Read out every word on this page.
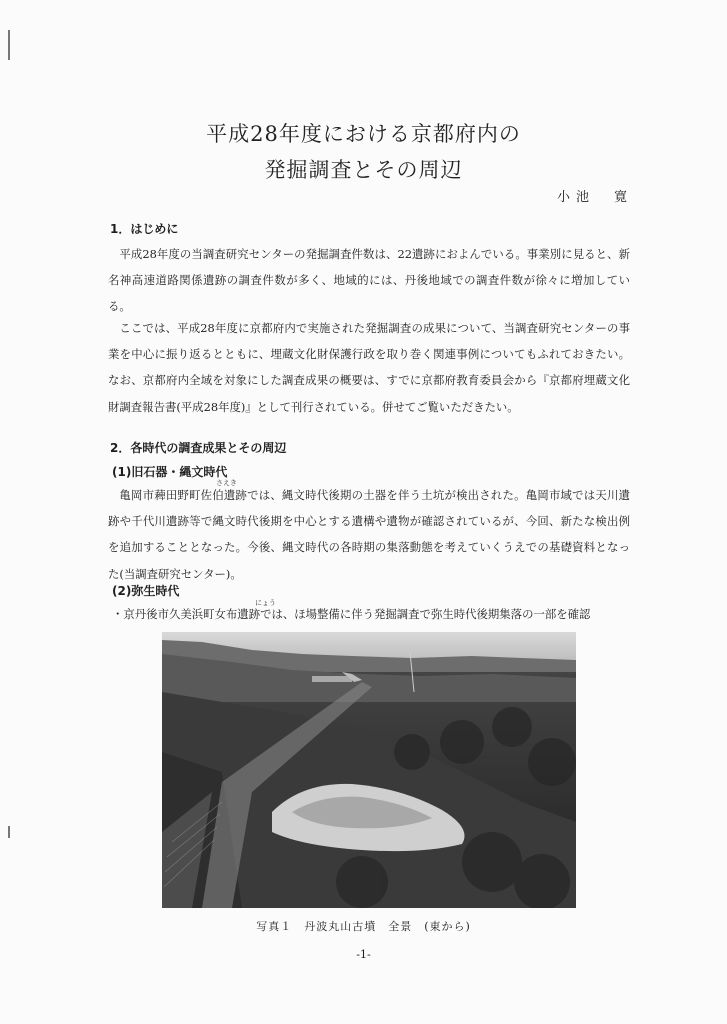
平成28年度における京都府内の
発掘調査とその周辺
小池　寛
1．はじめに

平成28年度の当調査研究センターの発掘調査件数は、22遺跡におよんでいる。事業別に見ると、新名神高速道路関係遺跡の調査件数が多く、地域的には、丹後地域での調査件数が徐々に増加している。

ここでは、平成28年度に京都府内で実施された発掘調査の成果について、当調査研究センターの事業を中心に振り返るとともに、埋蔵文化財保護行政を取り巻く関連事例についてもふれておきたい。なお、京都府内全域を対象にした調査成果の概要は、すでに京都府教育委員会から『京都府埋蔵文化財調査報告書(平成28年度)』として刊行されている。併せてご覧いただきたい。

2．各時代の調査成果とその周辺
(1)旧石器・縄文時代
さえき

亀岡市薭田野町佐伯遺跡では、縄文時代後期の土器を伴う土坑が検出された。亀岡市域では天川遺跡や千代川遺跡等で縄文時代後期を中心とする遺構や遺物が確認されているが、今回、新たな検出例を追加することとなった。今後、縄文時代の各時期の集落動態を考えていくうえでの基礎資料となった(当調査研究センター)。

(2)弥生時代
にょう

・京丹後市久美浜町女布遺跡では、ほ場整備に伴う発掘調査で弥生時代後期集落の一部を確認

写真１　丹波丸山古墳　全景　(東から)
-1-
